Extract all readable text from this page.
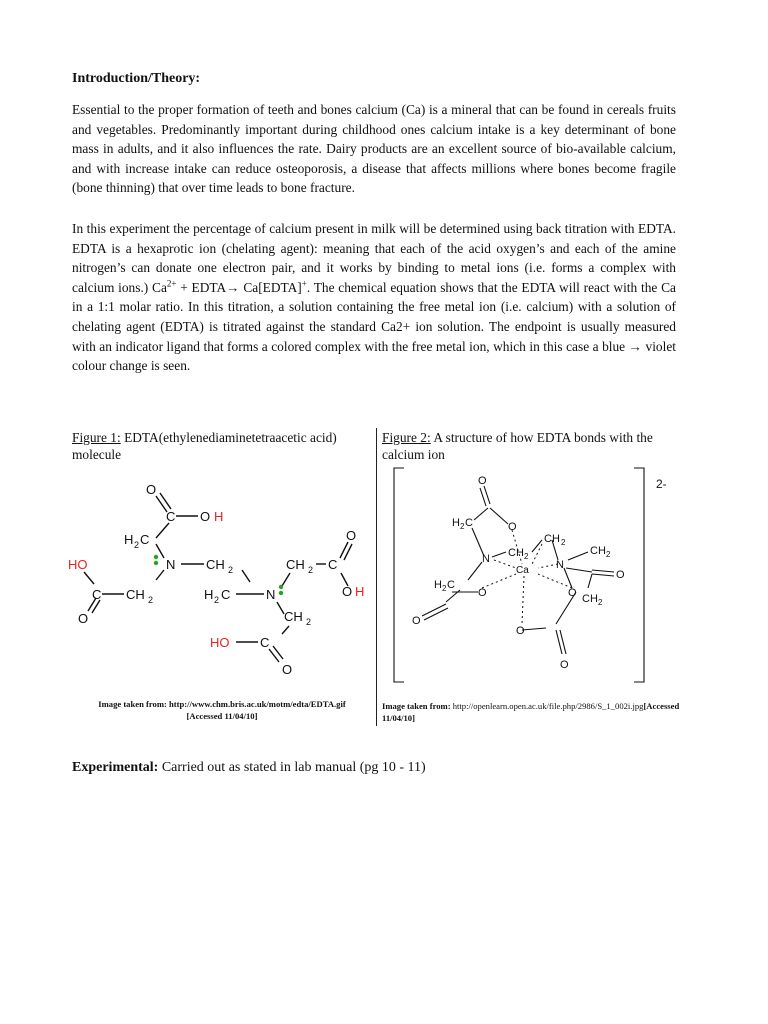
Introduction/Theory:

Essential to the proper formation of teeth and bones calcium (Ca) is a mineral that can be found in cereals fruits and vegetables. Predominantly important during childhood ones calcium intake is a key determinant of bone mass in adults, and it also influences the rate. Dairy products are an excellent source of bio-available calcium, and with increase intake can reduce osteoporosis, a disease that affects millions where bones become fragile (bone thinning) that over time leads to bone fracture.

In this experiment the percentage of calcium present in milk will be determined using back titration with EDTA. EDTA is a hexaprotic ion (chelating agent): meaning that each of the acid oxygen’s and each of the amine nitrogen’s can donate one electron pair, and it works by binding to metal ions (i.e. forms a complex with calcium ions.) $Ca^{2+}$ + EDTA→ Ca[EDTA]+. The chemical equation shows that the EDTA will react with the Ca in a 1:1 molar ratio. In this titration, a solution containing the free metal ion (i.e. calcium) with a solution of chelating agent (EDTA) is titrated against the standard Ca2+ ion solution. The endpoint is usually measured with an indicator ligand that forms a colored complex with the free metal ion, which in this case a blue → violet colour change is seen.

Figure 1: EDTA(ethylenediaminetetraacetic acid) molecule
Figure 2: A structure of how EDTA bonds with the calcium ion
O
C O H
H 2 C
N CH 2
HO
C CH 2
O
H 2 C	N
CH 2 C
O
O H
CH 2
HO C
O
O
H 2 C	O
N CH 2
CH 2
N
CH 2
O
Ca
H 2 C
O	O CH 2
O
O
O
2-
Image taken from: http://www.chm.bris.ac.uk/motm/edta/EDTA.gif
[Accessed 11/04/10]
Image taken from: http://openlearn.open.ac.uk/file.php/2986/S_1_002i.jpg[Accessed 11/04/10]
Experimental: Carried out as stated in lab manual (pg 10 - 11)
